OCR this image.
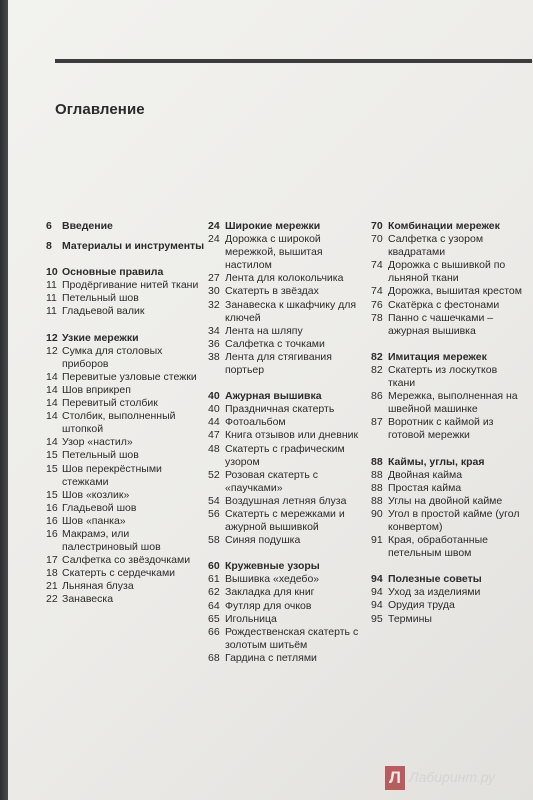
Оглавление
6 Введение
8 Материалы и инструменты
10 Основные правила
11 Продёргивание нитей ткани
11 Петельный шов
11 Гладьевой валик
12 Узкие мережки
12 Сумка для столовых приборов
14 Перевитые узловые стежки
14 Шов вприкреп
14 Перевитый столбик
14 Столбик, выполненный штопкой
14 Узор «настил»
15 Петельный шов
15 Шов перекрёстными стежками
15 Шов «козлик»
16 Гладьевой шов
16 Шов «панка»
16 Макрамэ, или палестриновый шов
17 Салфетка со звёздочками
18 Скатерть с сердечками
21 Льняная блуза
22 Занавеска
24 Широкие мережки
24 Дорожка с широкой мережкой, вышитая настилом
27 Лента для колокольчика
30 Скатерть в звёздах
32 Занавеска к шкафчику для ключей
34 Лента на шляпу
36 Салфетка с точками
38 Лента для стягивания портьер
40 Ажурная вышивка
40 Праздничная скатерть
44 Фотоальбом
47 Книга отзывов или дневник
48 Скатерть с графическим узором
52 Розовая скатерть с «паучками»
54 Воздушная летняя блуза
56 Скатерть с мережками и ажурной вышивкой
58 Синяя подушка
60 Кружевные узоры
61 Вышивка «хедебо»
62 Закладка для книг
64 Футляр для очков
65 Игольница
66 Рождественская скатерть с золотым шитьём
68 Гардина с петлями
70 Комбинации мережек
70 Салфетка с узором квадратами
74 Дорожка с вышивкой по льняной ткани
74 Дорожка, вышитая крестом
76 Скатёрка с фестонами
78 Панно с чашечками – ажурная вышивка
82 Имитация мережек
82 Скатерть из лоскутков ткани
86 Мережка, выполненная на швейной машинке
87 Воротник с каймой из готовой мережки
88 Каймы, углы, края
88 Двойная кайма
88 Простая кайма
88 Углы на двойной кайме
90 Угол в простой кайме (угол конвертом)
91 Края, обработанные петельным швом
94 Полезные советы
94 Уход за изделиями
94 Орудия труда
95 Термины
Л Лабиринт.ру
